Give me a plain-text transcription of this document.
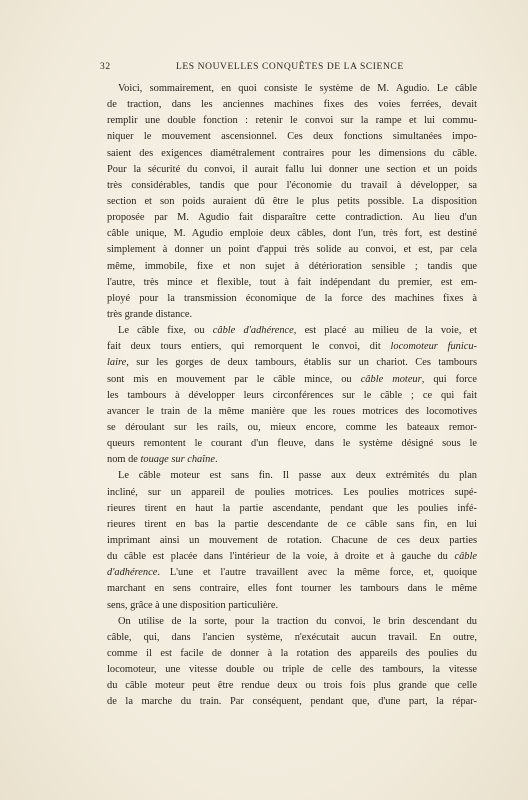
32	LES NOUVELLES CONQUÊTES DE LA SCIENCE
Voici, sommairement, en quoi consiste le système de M. Agudio. Le câble
de traction, dans les anciennes machines fixes des voies ferrées, devait
remplir une double fonction : retenir le convoi sur la rampe et lui commu-
niquer le mouvement ascensionnel. Ces deux fonctions simultanées impo-
saient des exigences diamétralement contraires pour les dimensions du câble.
Pour la sécurité du convoi, il aurait fallu lui donner une section et un poids
très considérables, tandis que pour l'économie du travail à développer, sa
section et son poids auraient dû être le plus petits possible. La disposition
proposée par M. Agudio fait disparaître cette contradiction. Au lieu d'un
câble unique, M. Agudio emploie deux câbles, dont l'un, très fort, est destiné
simplement à donner un point d'appui très solide au convoi, et est, par cela
même, immobile, fixe et non sujet à détérioration sensible ; tandis que
l'autre, très mince et flexible, tout à fait indépendant du premier, est em-
ployé pour la transmission économique de la force des machines fixes à
très grande distance.
Le câble fixe, ou câble d'adhérence, est placé au milieu de la voie, et
fait deux tours entiers, qui remorquent le convoi, dit locomoteur funicu-
laire, sur les gorges de deux tambours, établis sur un chariot. Ces tambours
sont mis en mouvement par le câble mince, ou câble moteur, qui force
les tambours à développer leurs circonférences sur le câble ; ce qui fait
avancer le train de la même manière que les roues motrices des locomotives
se déroulant sur les rails, ou, mieux encore, comme les bateaux remor-
queurs remontent le courant d'un fleuve, dans le système désigné sous le
nom de touage sur chaîne.
Le câble moteur est sans fin. Il passe aux deux extrémités du plan
incliné, sur un appareil de poulies motrices. Les poulies motrices supé-
rieures tirent en haut la partie ascendante, pendant que les poulies infé-
rieures tirent en bas la partie descendante de ce câble sans fin, en lui
imprimant ainsi un mouvement de rotation. Chacune de ces deux parties
du câble est placée dans l'intérieur de la voie, à droite et à gauche du câble
d'adhérence. L'une et l'autre travaillent avec la même force, et, quoique
marchant en sens contraire, elles font tourner les tambours dans le même
sens, grâce à une disposition particulière.
On utilise de la sorte, pour la traction du convoi, le brin descendant du
câble, qui, dans l'ancien système, n'exécutait aucun travail. En outre,
comme il est facile de donner à la rotation des appareils des poulies du
locomoteur, une vitesse double ou triple de celle des tambours, la vitesse
du câble moteur peut être rendue deux ou trois fois plus grande que celle
de la marche du train. Par conséquent, pendant que, d'une part, la répar-
